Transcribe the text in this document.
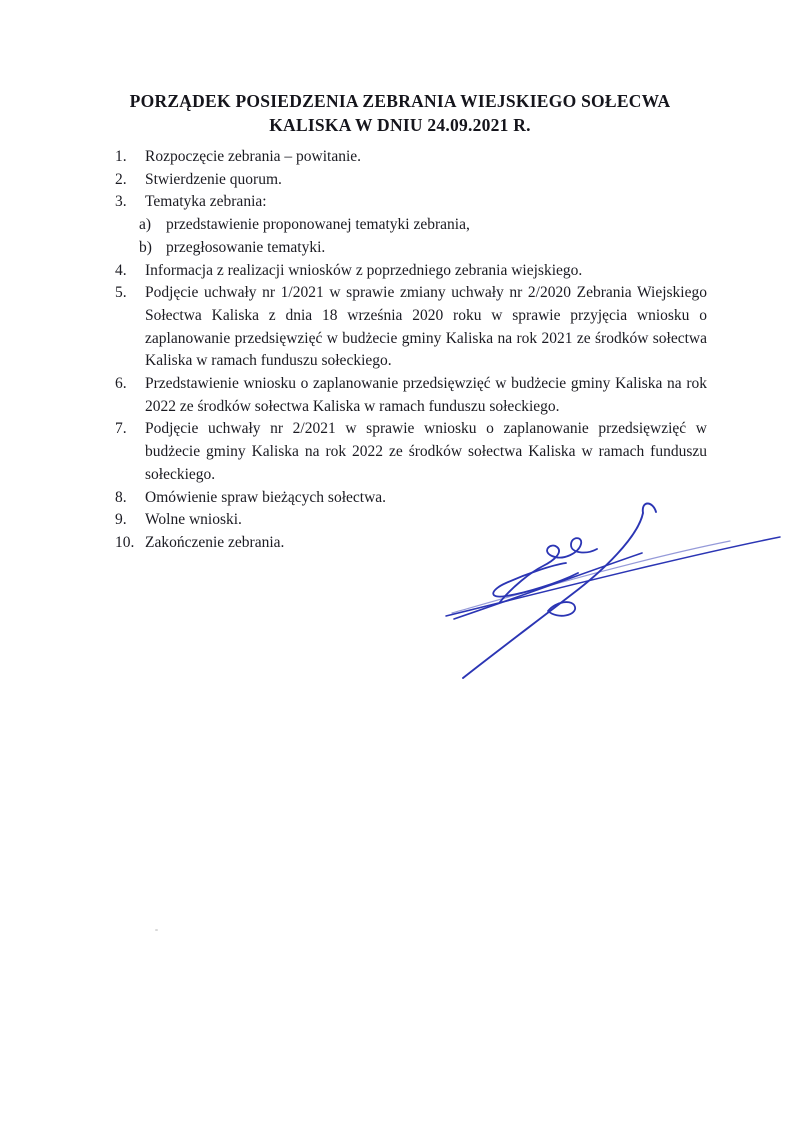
PORZĄDEK POSIEDZENIA ZEBRANIA WIEJSKIEGO SOŁECWA
KALISKA W DNIU 24.09.2021 R.
1.	Rozpoczęcie zebrania – powitanie.
2.	Stwierdzenie quorum.
3.	Tematyka zebrania:
a) przedstawienie proponowanej tematyki zebrania,
b) przegłosowanie tematyki.
4.	Informacja z realizacji wniosków z poprzedniego zebrania wiejskiego.
5.	Podjęcie uchwały nr 1/2021 w sprawie zmiany uchwały nr 2/2020 Zebrania Wiejskiego Sołectwa Kaliska z dnia 18 września 2020 roku w sprawie przyjęcia wniosku o zaplanowanie przedsięwzięć w budżecie gminy Kaliska na rok 2021 ze środków sołectwa Kaliska w ramach funduszu sołeckiego.
6.	Przedstawienie wniosku o zaplanowanie przedsięwzięć w budżecie gminy Kaliska na rok 2022 ze środków sołectwa Kaliska w ramach funduszu sołeckiego.
7.	Podjęcie uchwały nr 2/2021 w sprawie wniosku o zaplanowanie przedsięwzięć w budżecie gminy Kaliska na rok 2022 ze środków sołectwa Kaliska w ramach funduszu sołeckiego.
8.	Omówienie spraw bieżących sołectwa.
9.	Wolne wnioski.
10. Zakończenie zebrania.
